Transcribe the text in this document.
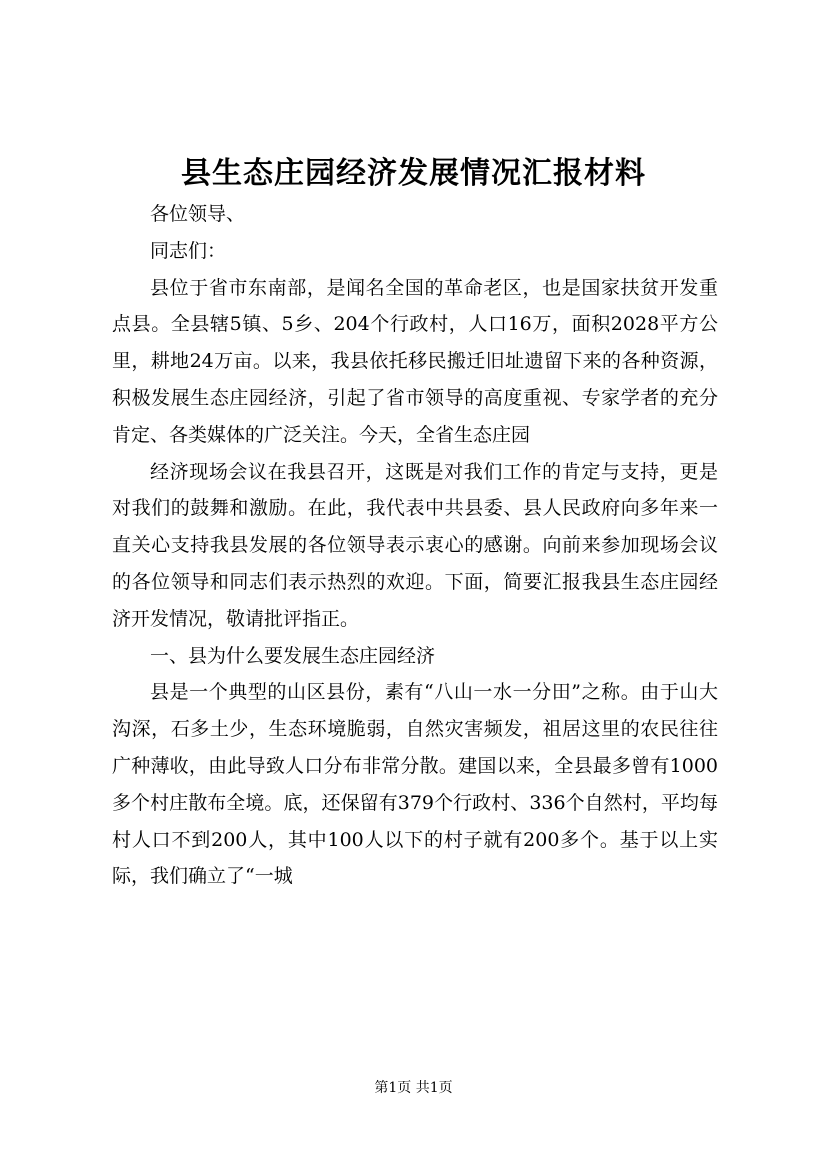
县生态庄园经济发展情况汇报材料

各位领导、

同志们：

县位于省市东南部，是闻名全国的革命老区，也是国家扶贫开发重点县。全县辖5镇、5乡、204个行政村，人口16万，面积2028平方公里，耕地24万亩。以来，我县依托移民搬迁旧址遗留下来的各种资源，积极发展生态庄园经济，引起了省市领导的高度重视、专家学者的充分肯定、各类媒体的广泛关注。今天，全省生态庄园

经济现场会议在我县召开，这既是对我们工作的肯定与支持，更是对我们的鼓舞和激励。在此，我代表中共县委、县人民政府向多年来一直关心支持我县发展的各位领导表示衷心的感谢。向前来参加现场会议的各位领导和同志们表示热烈的欢迎。下面，简要汇报我县生态庄园经济开发情况，敬请批评指正。

一、县为什么要发展生态庄园经济

县是一个典型的山区县份，素有“八山一水一分田”之称。由于山大沟深，石多土少，生态环境脆弱，自然灾害频发，祖居这里的农民往往广种薄收，由此导致人口分布非常分散。建国以来，全县最多曾有1000多个村庄散布全境。底，还保留有379个行政村、336个自然村，平均每村人口不到200人，其中100人以下的村子就有200多个。基于以上实际，我们确立了“一城

第1页 共1页
